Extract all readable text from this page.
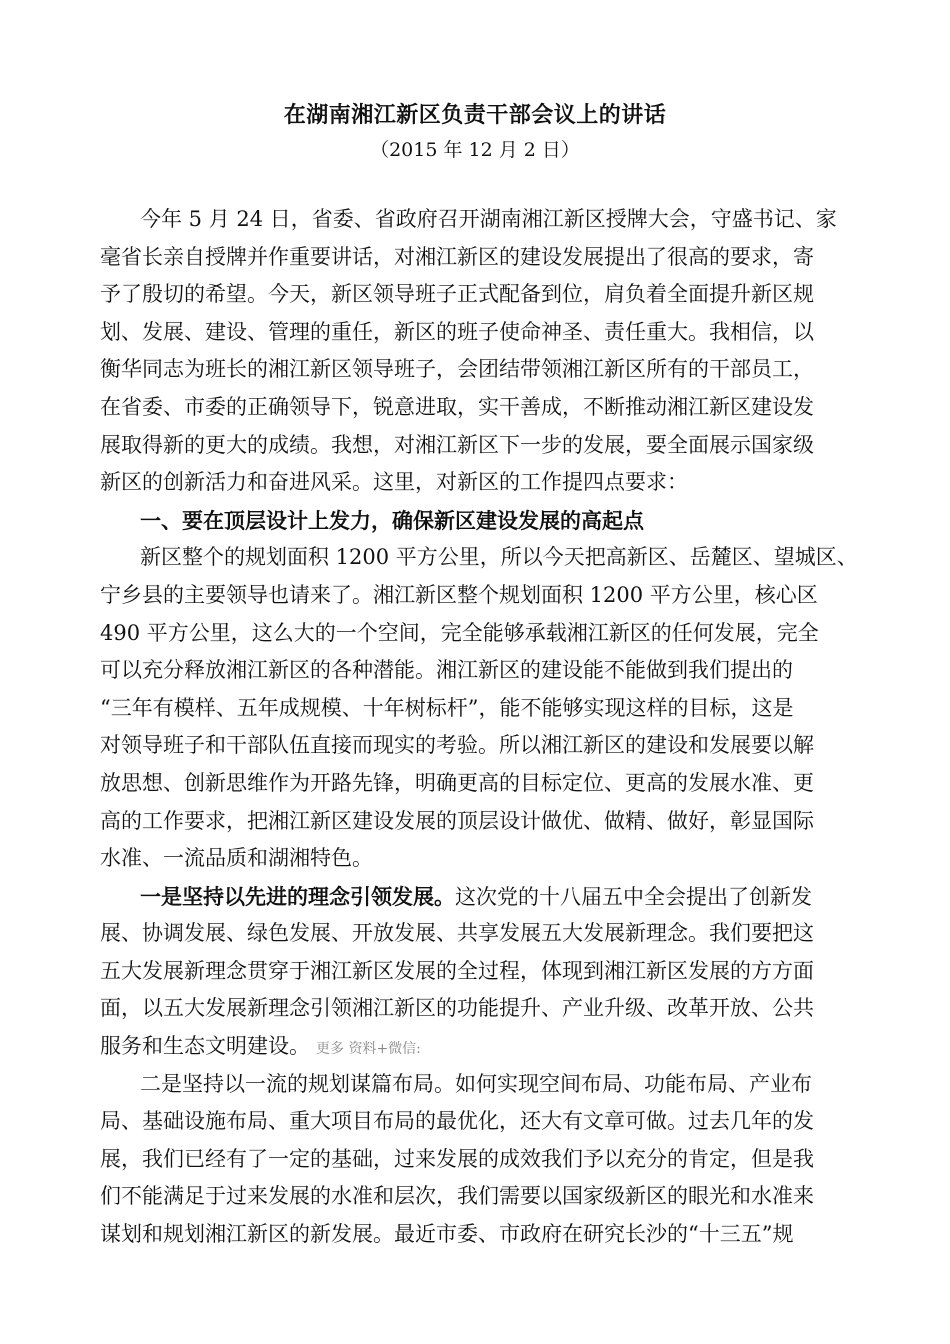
在湖南湘江新区负责干部会议上的讲话
（2015 年 12 月 2 日）
今年 5 月 24 日，省委、省政府召开湖南湘江新区授牌大会，守盛书记、家
毫省长亲自授牌并作重要讲话，对湘江新区的建设发展提出了很高的要求，寄
予了殷切的希望。今天，新区领导班子正式配备到位，肩负着全面提升新区规
划、发展、建设、管理的重任，新区的班子使命神圣、责任重大。我相信，以
衡华同志为班长的湘江新区领导班子，会团结带领湘江新区所有的干部员工，
在省委、市委的正确领导下，锐意进取，实干善成，不断推动湘江新区建设发
展取得新的更大的成绩。我想，对湘江新区下一步的发展，要全面展示国家级
新区的创新活力和奋进风采。这里，对新区的工作提四点要求：
一、要在顶层设计上发力，确保新区建设发展的高起点
新区整个的规划面积 1200 平方公里，所以今天把高新区、岳麓区、望城区、
宁乡县的主要领导也请来了。湘江新区整个规划面积 1200 平方公里，核心区
490 平方公里，这么大的一个空间，完全能够承载湘江新区的任何发展，完全
可以充分释放湘江新区的各种潜能。湘江新区的建设能不能做到我们提出的
“三年有模样、五年成规模、十年树标杆”，能不能够实现这样的目标，这是
对领导班子和干部队伍直接而现实的考验。所以湘江新区的建设和发展要以解
放思想、创新思维作为开路先锋，明确更高的目标定位、更高的发展水准、更
高的工作要求，把湘江新区建设发展的顶层设计做优、做精、做好，彰显国际
水准、一流品质和湖湘特色。
一是坚持以先进的理念引领发展。这次党的十八届五中全会提出了创新发
展、协调发展、绿色发展、开放发展、共享发展五大发展新理念。我们要把这
五大发展新理念贯穿于湘江新区发展的全过程，体现到湘江新区发展的方方面
面，以五大发展新理念引领湘江新区的功能提升、产业升级、改革开放、公共
服务和生态文明建设。 更多 资料+微信:
二是坚持以一流的规划谋篇布局。如何实现空间布局、功能布局、产业布
局、基础设施布局、重大项目布局的最优化，还大有文章可做。过去几年的发
展，我们已经有了一定的基础，过来发展的成效我们予以充分的肯定，但是我
们不能满足于过来发展的水准和层次，我们需要以国家级新区的眼光和水准来
谋划和规划湘江新区的新发展。最近市委、市政府在研究长沙的“十三五”规
